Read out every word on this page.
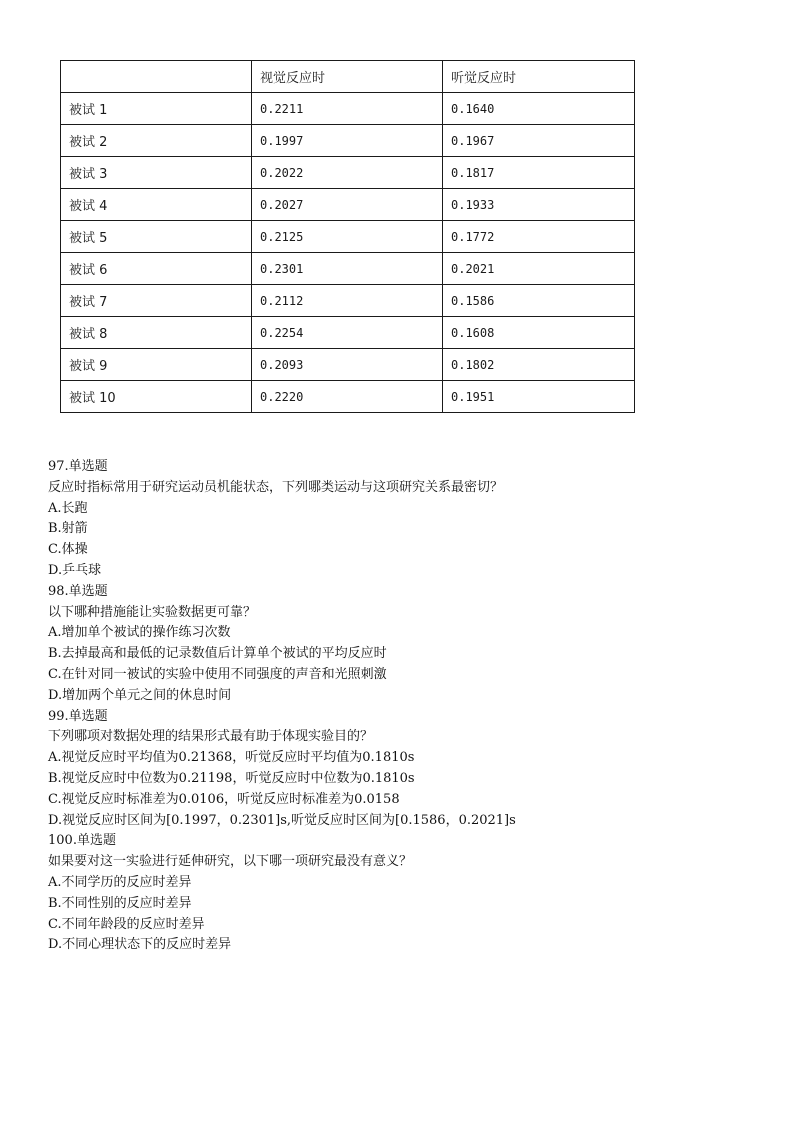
	视觉反应时	听觉反应时
被试 1	0.2211	0.1640
被试 2	0.1997	0.1967
被试 3	0.2022	0.1817
被试 4	0.2027	0.1933
被试 5	0.2125	0.1772
被试 6	0.2301	0.2021
被试 7	0.2112	0.1586
被试 8	0.2254	0.1608
被试 9	0.2093	0.1802
被试 10	0.2220	0.1951
97.单选题
反应时指标常用于研究运动员机能状态，下列哪类运动与这项研究关系最密切？
A.长跑
B.射箭
C.体操
D.乒乓球
98.单选题
以下哪种措施能让实验数据更可靠？
A.增加单个被试的操作练习次数
B.去掉最高和最低的记录数值后计算单个被试的平均反应时
C.在针对同一被试的实验中使用不同强度的声音和光照刺激
D.增加两个单元之间的休息时间
99.单选题
下列哪项对数据处理的结果形式最有助于体现实验目的？
A.视觉反应时平均值为0.21368，听觉反应时平均值为0.1810s
B.视觉反应时中位数为0.21198，听觉反应时中位数为0.1810s
C.视觉反应时标准差为0.0106，听觉反应时标准差为0.0158
D.视觉反应时区间为[0.1997，0.2301]s,听觉反应时区间为[0.1586，0.2021]s
100.单选题
如果要对这一实验进行延伸研究，以下哪一项研究最没有意义？
A.不同学历的反应时差异
B.不同性别的反应时差异
C.不同年龄段的反应时差异
D.不同心理状态下的反应时差异
